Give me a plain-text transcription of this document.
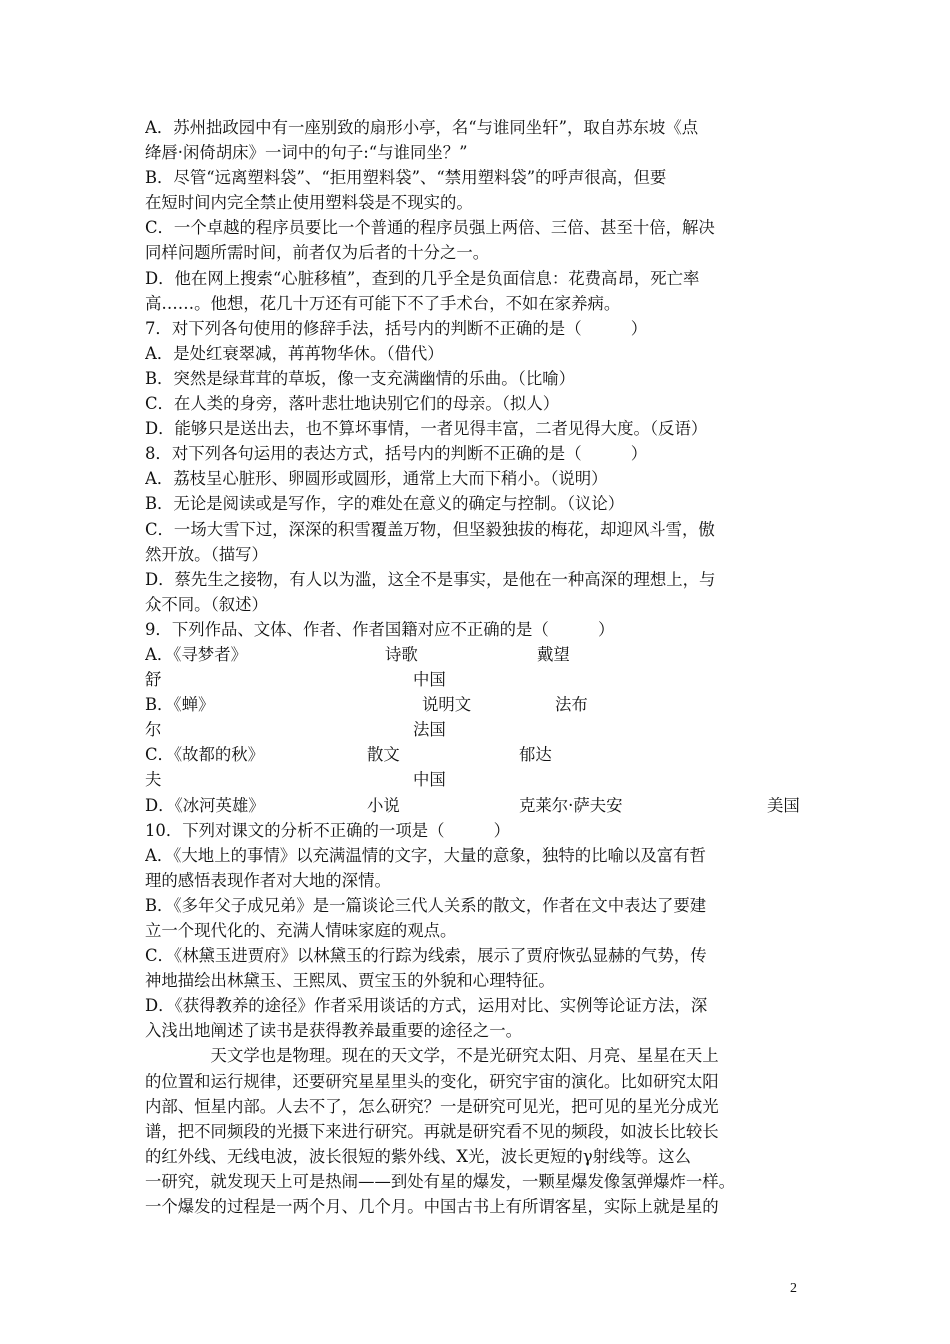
A．苏州拙政园中有一座别致的扇形小亭，名“与谁同坐轩”，取自苏东坡《点
绛唇·闲倚胡床》一词中的句子:“与谁同坐？”
B．尽管“远离塑料袋”、“拒用塑料袋”、“禁用塑料袋”的呼声很高，但要
在短时间内完全禁止使用塑料袋是不现实的。
C．一个卓越的程序员要比一个普通的程序员强上两倍、三倍、甚至十倍，解决
同样问题所需时间，前者仅为后者的十分之一。
D．他在网上搜索“心脏移植”，查到的几乎全是负面信息：花费高昂，死亡率
高……。他想，花几十万还有可能下不了手术台，不如在家养病。
7．对下列各句使用的修辞手法，括号内的判断不正确的是（　　　）
A．是处红衰翠减，苒苒物华休。（借代）
B．突然是绿茸茸的草坂，像一支充满幽情的乐曲。（比喻）
C．在人类的身旁，落叶悲壮地诀别它们的母亲。（拟人）
D．能够只是送出去，也不算坏事情，一者见得丰富，二者见得大度。（反语）
8．对下列各句运用的表达方式，括号内的判断不正确的是（　　　）
A．荔枝呈心脏形、卵圆形或圆形，通常上大而下稍小。（说明）
B．无论是阅读或是写作，字的难处在意义的确定与控制。（议论）
C．一场大雪下过，深深的积雪覆盖万物，但坚毅独拔的梅花，却迎风斗雪，傲
然开放。（描写）
D．蔡先生之接物，有人以为滥，这全不是事实，是他在一种高深的理想上，与
众不同。（叙述）
9．下列作品、文体、作者、作者国籍对应不正确的是（　　　）
A．《寻梦者》	诗歌	戴望
舒	中国
B．《蝉》	说明文	法布
尔	法国
C．《故都的秋》	散文	郁达
夫	中国
D．《冰河英雄》	小说	克莱尔·萨夫安	美国
10．下列对课文的分析不正确的一项是（　　　）
A．《大地上的事情》以充满温情的文字，大量的意象，独特的比喻以及富有哲
理的感悟表现作者对大地的深情。
B．《多年父子成兄弟》是一篇谈论三代人关系的散文，作者在文中表达了要建
立一个现代化的、充满人情味家庭的观点。
C．《林黛玉进贾府》以林黛玉的行踪为线索，展示了贾府恢弘显赫的气势，传
神地描绘出林黛玉、王熙凤、贾宝玉的外貌和心理特征。
D．《获得教养的途径》作者采用谈话的方式，运用对比、实例等论证方法，深
入浅出地阐述了读书是获得教养最重要的途径之一。
　　　　天文学也是物理。现在的天文学，不是光研究太阳、月亮、星星在天上
的位置和运行规律，还要研究星星里头的变化，研究宇宙的演化。比如研究太阳
内部、恒星内部。人去不了，怎么研究？一是研究可见光，把可见的星光分成光
谱，把不同频段的光摄下来进行研究。再就是研究看不见的频段，如波长比较长
的红外线、无线电波，波长很短的紫外线、X光，波长更短的γ射线等。这么
一研究，就发现天上可是热闹——到处有星的爆发，一颗星爆发像氢弹爆炸一样。
一个爆发的过程是一两个月、几个月。中国古书上有所谓客星，实际上就是星的
2
